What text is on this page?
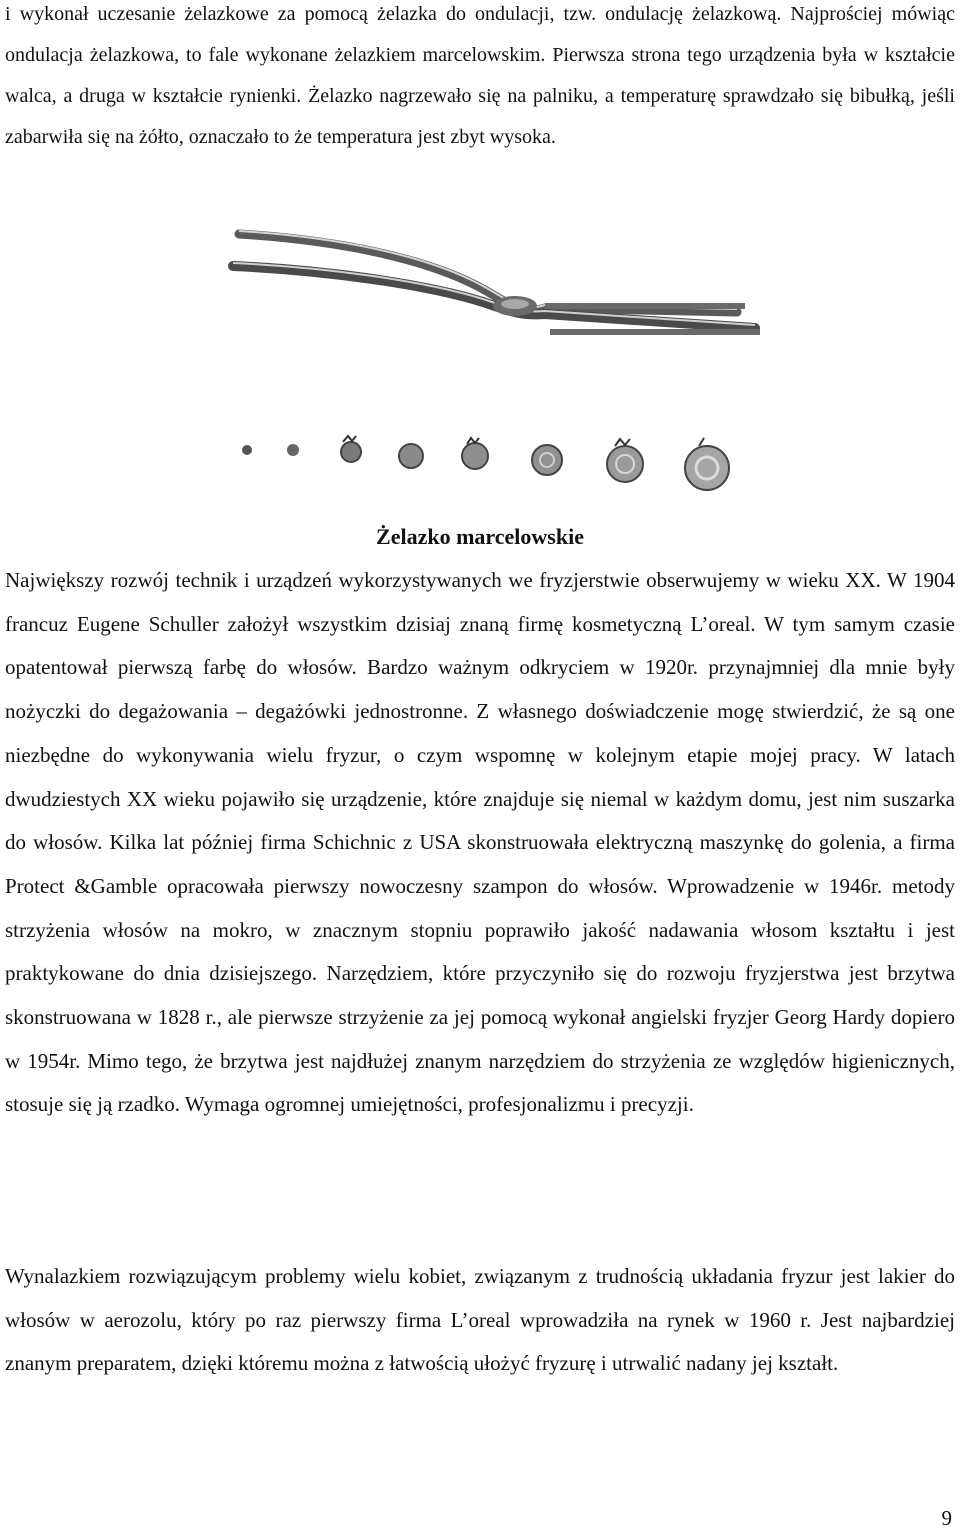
i wykonał uczesanie żelazkowe za pomocą żelazka do ondulacji, tzw. ondulację żelazkową. Najprościej mówiąc ondulacja żelazkowa, to fale wykonane żelazkiem marcelowskim. Pierwsza strona tego urządzenia była w kształcie walca, a druga w kształcie rynienki. Żelazko nagrzewało się na palniku, a temperaturę sprawdzało się bibułką, jeśli zabarwiła się na żółto, oznaczało to że temperatura jest zbyt wysoka.

Żelazko marcelowskie

Największy rozwój technik i urządzeń wykorzystywanych we fryzjerstwie obserwujemy w wieku XX. W 1904 francuz Eugene Schuller założył wszystkim dzisiaj znaną firmę kosmetyczną L’oreal. W tym samym czasie opatentował pierwszą farbę do włosów. Bardzo ważnym odkryciem w 1920r. przynajmniej dla mnie były nożyczki do degażowania – degażówki jednostronne. Z własnego doświadczenie mogę stwierdzić, że są one niezbędne do wykonywania wielu fryzur, o czym wspomnę w kolejnym etapie mojej pracy. W latach dwudziestych XX wieku pojawiło się urządzenie, które znajduje się niemal w każdym domu, jest nim suszarka do włosów. Kilka lat później firma Schichnic z USA skonstruowała elektryczną maszynkę do golenia, a firma Protect &Gamble opracowała pierwszy nowoczesny szampon do włosów. Wprowadzenie w 1946r. metody strzyżenia włosów na mokro, w znacznym stopniu poprawiło jakość nadawania włosom kształtu i jest praktykowane do dnia dzisiejszego. Narzędziem, które przyczyniło się do rozwoju fryzjerstwa jest brzytwa skonstruowana w 1828 r., ale pierwsze strzyżenie za jej pomocą wykonał angielski fryzjer Georg Hardy dopiero w 1954r. Mimo tego, że brzytwa jest najdłużej znanym narzędziem do strzyżenia ze względów higienicznych, stosuje się ją rzadko. Wymaga ogromnej umiejętności, profesjonalizmu i precyzji.

Wynalazkiem rozwiązującym problemy wielu kobiet, związanym z trudnością układania fryzur jest lakier do włosów w aerozolu, który po raz pierwszy firma L’oreal wprowadziła na rynek w 1960 r. Jest najbardziej znanym preparatem, dzięki któremu można z łatwością ułożyć fryzurę i utrwalić nadany jej kształt.

9
